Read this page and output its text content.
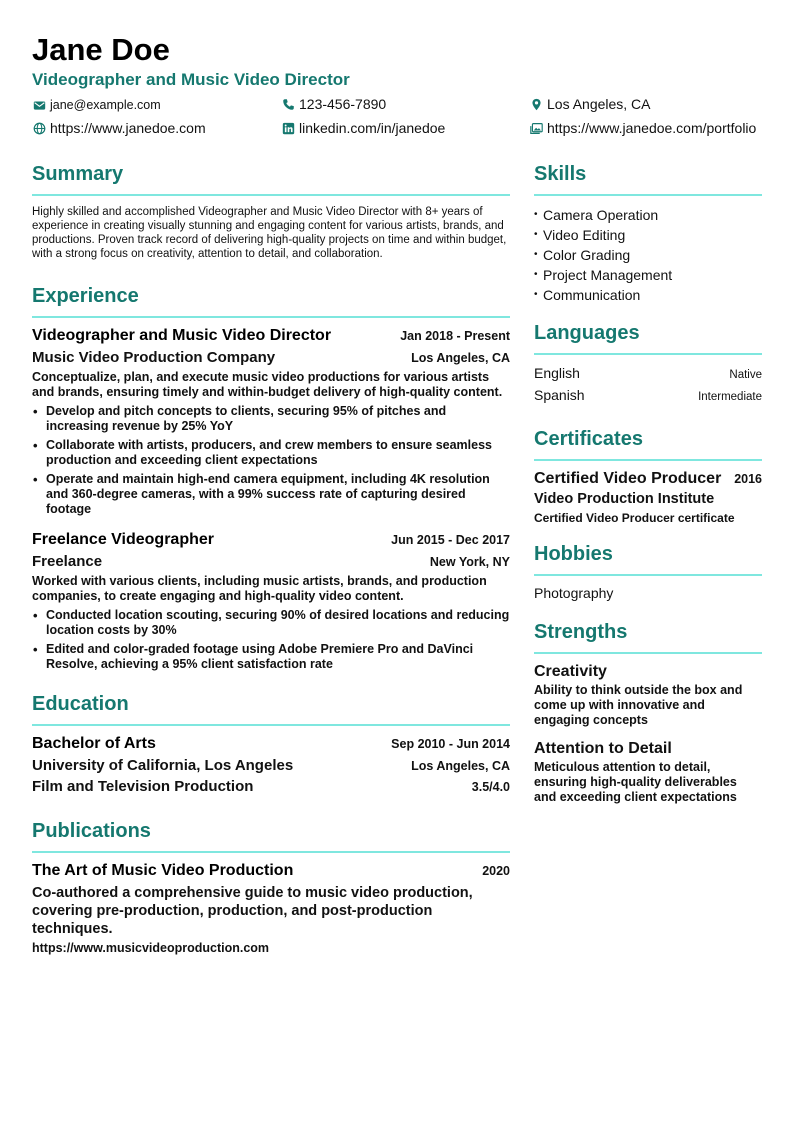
Jane Doe
Videographer and Music Video Director
jane@example.com	123-456-7890	Los Angeles, CA
https://www.janedoe.com	linkedin.com/in/janedoe	https://www.janedoe.com/portfolio
Summary
Highly skilled and accomplished Videographer and Music Video Director with 8+ years of experience in creating visually stunning and engaging content for various artists, brands, and productions. Proven track record of delivering high-quality projects on time and within budget, with a strong focus on creativity, attention to detail, and collaboration.
Experience
Videographer and Music Video Director	Jan 2018 - Present
Music Video Production Company	Los Angeles, CA
Conceptualize, plan, and execute music video productions for various artists and brands, ensuring timely and within-budget delivery of high-quality content.
• Develop and pitch concepts to clients, securing 95% of pitches and increasing revenue by 25% YoY
• Collaborate with artists, producers, and crew members to ensure seamless production and exceeding client expectations
• Operate and maintain high-end camera equipment, including 4K resolution and 360-degree cameras, with a 99% success rate of capturing desired footage
Freelance Videographer	Jun 2015 - Dec 2017
Freelance	New York, NY
Worked with various clients, including music artists, brands, and production companies, to create engaging and high-quality video content.
• Conducted location scouting, securing 90% of desired locations and reducing location costs by 30%
• Edited and color-graded footage using Adobe Premiere Pro and DaVinci Resolve, achieving a 95% client satisfaction rate
Education
Bachelor of Arts	Sep 2010 - Jun 2014
University of California, Los Angeles	Los Angeles, CA
Film and Television Production	3.5/4.0
Publications
The Art of Music Video Production	2020
Co-authored a comprehensive guide to music video production, covering pre-production, production, and post-production techniques.
https://www.musicvideoproduction.com
Skills
• Camera Operation
• Video Editing
• Color Grading
• Project Management
• Communication
Languages
English	Native
Spanish	Intermediate
Certificates
Certified Video Producer 2016
Video Production Institute
Certified Video Producer certificate
Hobbies
Photography
Strengths
Creativity
Ability to think outside the box and come up with innovative and engaging concepts
Attention to Detail
Meticulous attention to detail, ensuring high-quality deliverables and exceeding client expectations
